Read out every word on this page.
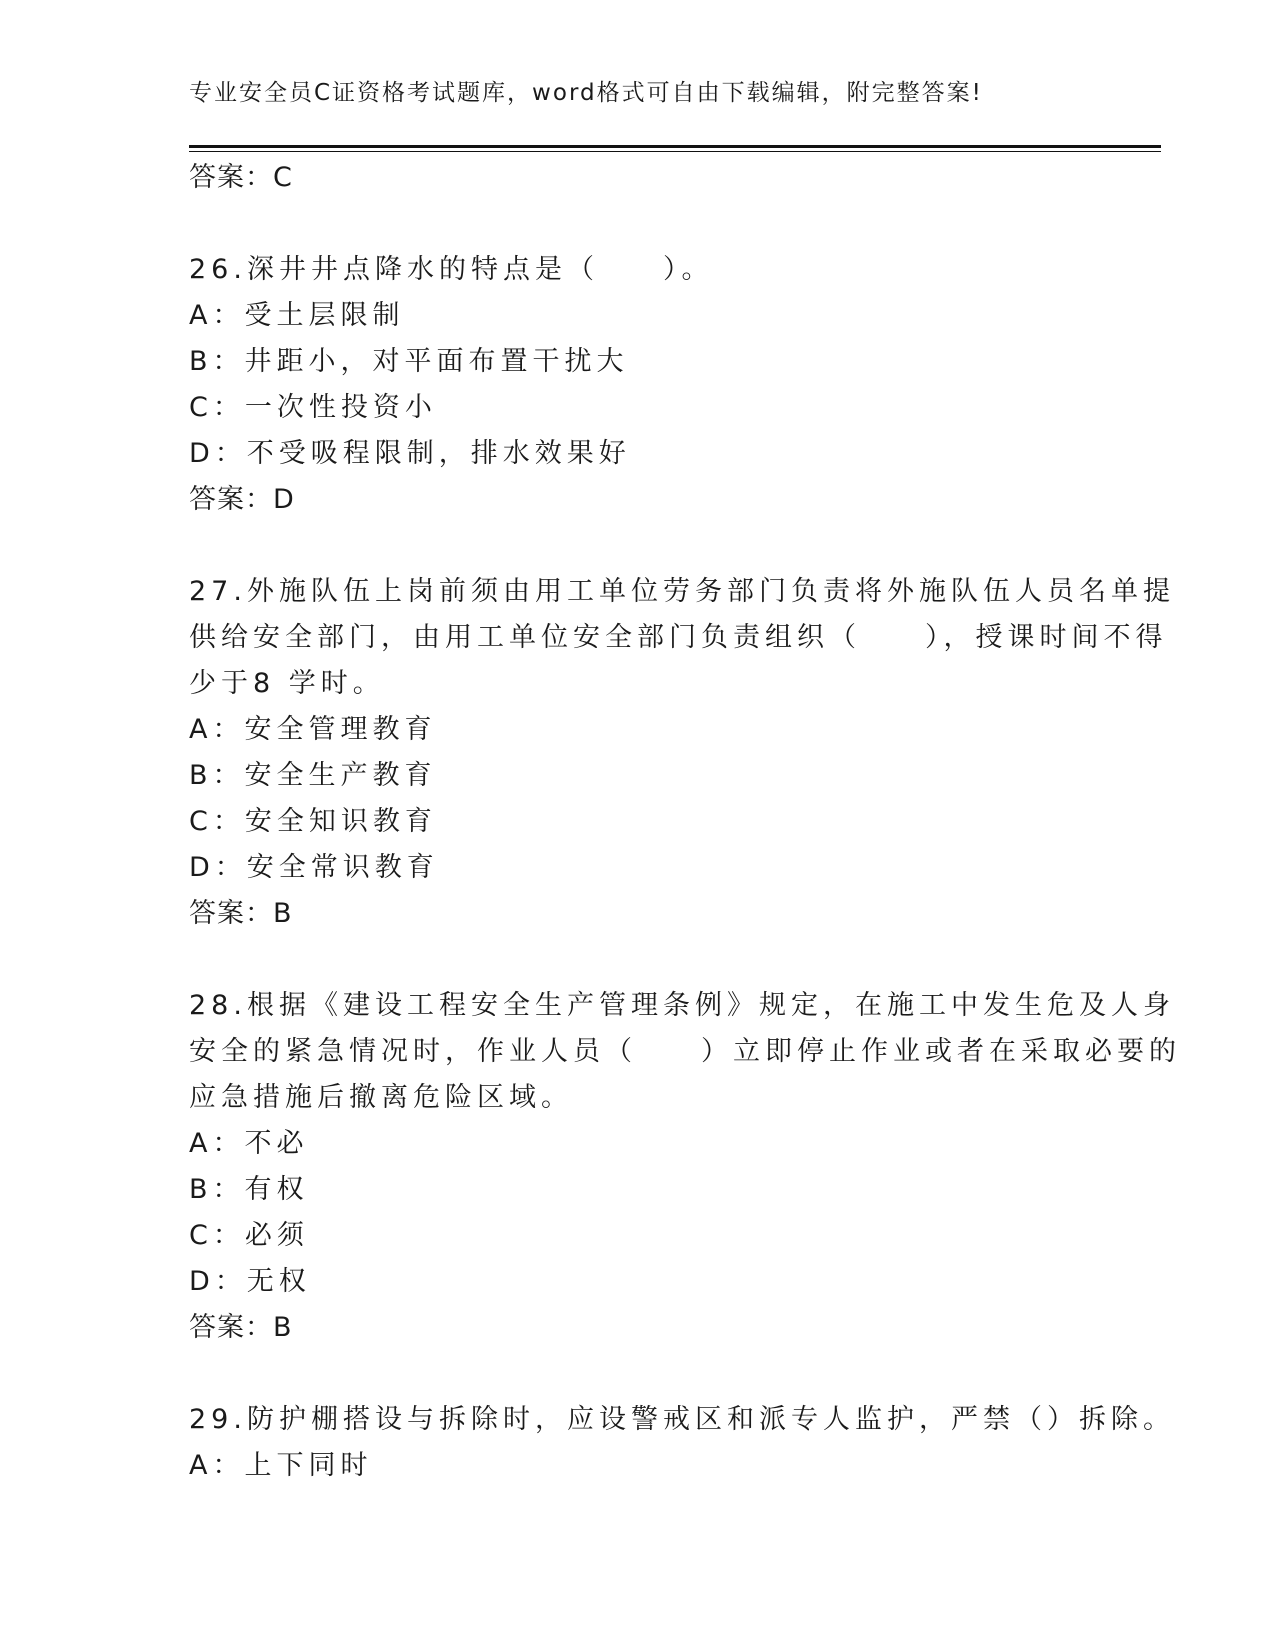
专业安全员C证资格考试题库，word格式可自由下载编辑，附完整答案!
答案：C
26.深井井点降水的特点是（　　）。
A：受土层限制
B：井距小，对平面布置干扰大
C：一次性投资小
D：不受吸程限制，排水效果好
答案：D
27.外施队伍上岗前须由用工单位劳务部门负责将外施队伍人员名单提
供给安全部门，由用工单位安全部门负责组织（　　），授课时间不得
少于8 学时。
A：安全管理教育
B：安全生产教育
C：安全知识教育
D：安全常识教育
答案：B
28.根据《建设工程安全生产管理条例》规定，在施工中发生危及人身
安全的紧急情况时，作业人员（　　）立即停止作业或者在采取必要的
应急措施后撤离危险区域。
A：不必
B：有权
C：必须
D：无权
答案：B
29.防护棚搭设与拆除时，应设警戒区和派专人监护，严禁（）拆除。
A：上下同时
